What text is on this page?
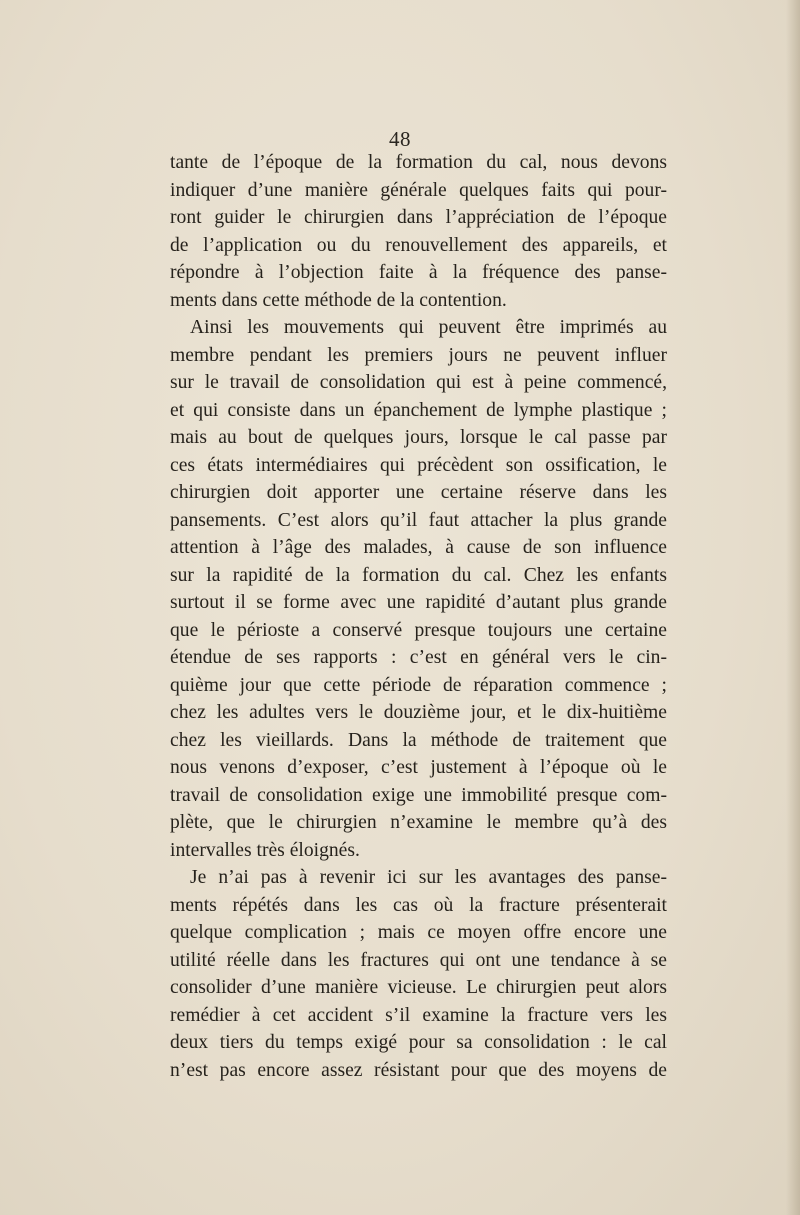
48
tante de l’époque de la formation du cal, nous devons
indiquer d’une manière générale quelques faits qui pour-
ront guider le chirurgien dans l’appréciation de l’époque
de l’application ou du renouvellement des appareils, et
répondre à l’objection faite à la fréquence des panse-
ments dans cette méthode de la contention.
Ainsi les mouvements qui peuvent être imprimés au
membre pendant les premiers jours ne peuvent influer
sur le travail de consolidation qui est à peine commencé,
et qui consiste dans un épanchement de lymphe plastique ;
mais au bout de quelques jours, lorsque le cal passe par
ces états intermédiaires qui précèdent son ossification, le
chirurgien doit apporter une certaine réserve dans les
pansements. C’est alors qu’il faut attacher la plus grande
attention à l’âge des malades, à cause de son influence
sur la rapidité de la formation du cal. Chez les enfants
surtout il se forme avec une rapidité d’autant plus grande
que le périoste a conservé presque toujours une certaine
étendue de ses rapports : c’est en général vers le cin-
quième jour que cette période de réparation commence ;
chez les adultes vers le douzième jour, et le dix-huitième
chez les vieillards. Dans la méthode de traitement que
nous venons d’exposer, c’est justement à l’époque où le
travail de consolidation exige une immobilité presque com-
plète, que le chirurgien n’examine le membre qu’à des
intervalles très éloignés.
Je n’ai pas à revenir ici sur les avantages des panse-
ments répétés dans les cas où la fracture présenterait
quelque complication ; mais ce moyen offre encore une
utilité réelle dans les fractures qui ont une tendance à se
consolider d’une manière vicieuse. Le chirurgien peut alors
remédier à cet accident s’il examine la fracture vers les
deux tiers du temps exigé pour sa consolidation : le cal
n’est pas encore assez résistant pour que des moyens de
